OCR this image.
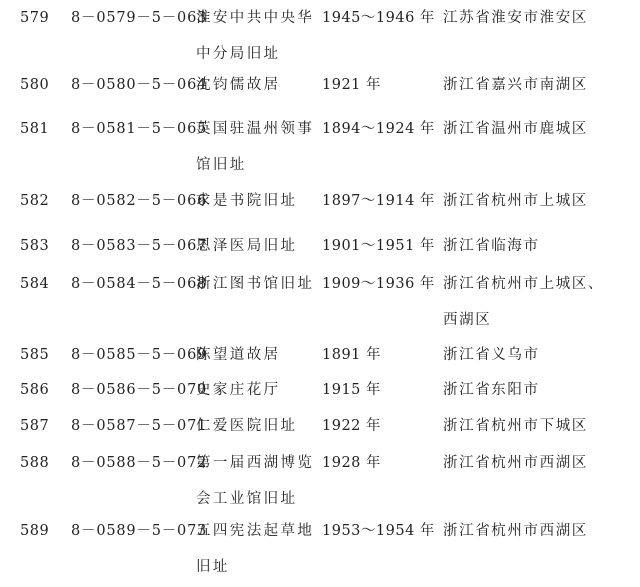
579	8－0579－5－063
淮安中共中央华
中分局旧址
1945～1946 年 江苏省淮安市淮安区
580	8－0580－5－064
沈钧儒故居	1921 年	浙江省嘉兴市南湖区
581	8－0581－5－065
英国驻温州领事
馆旧址
1894～1924 年 浙江省温州市鹿城区
582	8－0582－5－066
求是书院旧址	1897～1914 年 浙江省杭州市上城区
583	8－0583－5－067
恩泽医局旧址	1901～1951 年 浙江省临海市
584	8－0584－5－068
浙江图书馆旧址 1909～1936 年 浙江省杭州市上城区、
西湖区
585	8－0585－5－069
陈望道故居	1891 年	浙江省义乌市
586	8－0586－5－070
史家庄花厅	1915 年	浙江省东阳市
587	8－0587－5－071
仁爱医院旧址	1922 年	浙江省杭州市下城区
588	8－0588－5－072
第一届西湖博览
会工业馆旧址
1928 年	浙江省杭州市西湖区
589	8－0589－5－073
五四宪法起草地
旧址
1953～1954 年 浙江省杭州市西湖区
